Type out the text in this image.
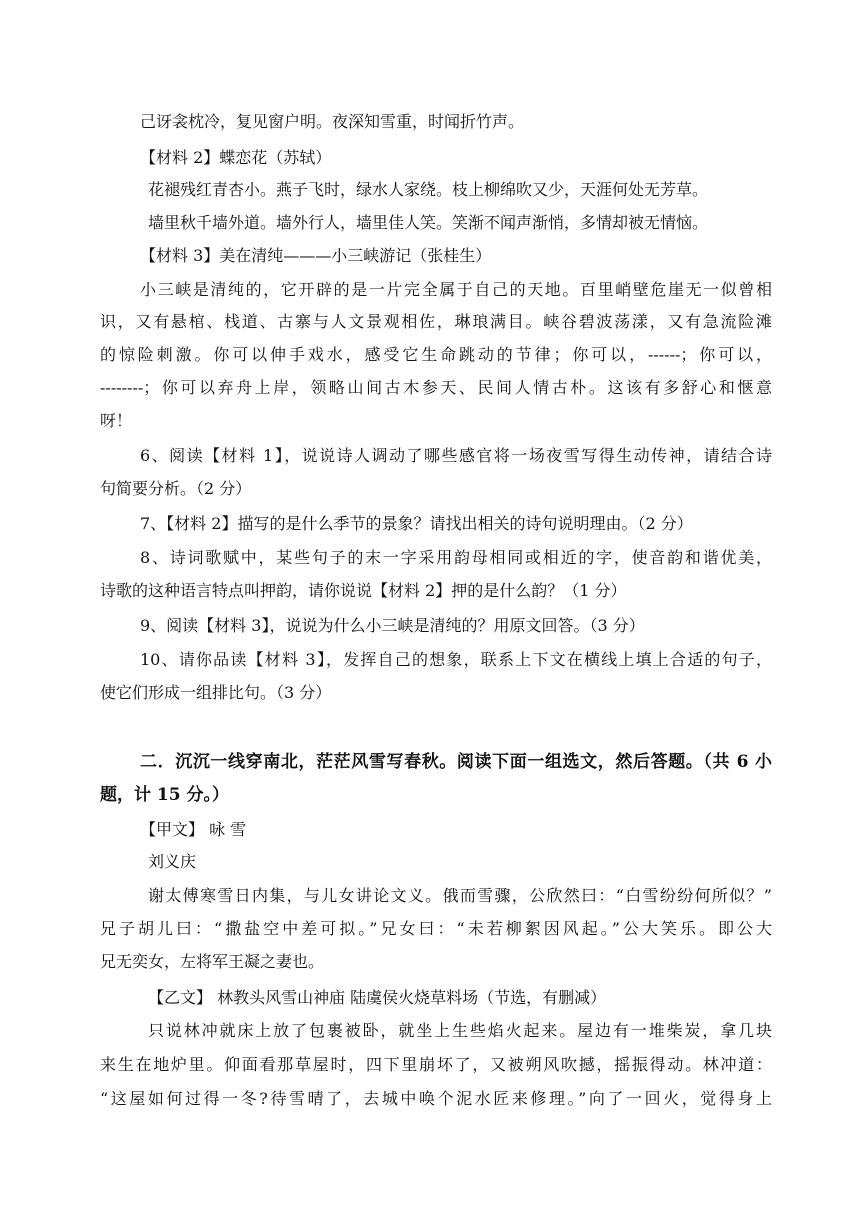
己讶衾枕冷，复见窗户明。夜深知雪重，时闻折竹声。
【材料 2】蝶恋花（苏轼）
花褪残红青杏小。燕子飞时，绿水人家绕。枝上柳绵吹又少，天涯何处无芳草。
墙里秋千墙外道。墙外行人，墙里佳人笑。笑渐不闻声渐悄，多情却被无情恼。
【材料 3】美在清纯———小三峡游记（张桂生）
小三峡是清纯的，它开辟的是一片完全属于自己的天地。百里峭壁危崖无一似曾相
识，又有悬棺、栈道、古寨与人文景观相佐，琳琅满目。峡谷碧波荡漾，又有急流险滩
的惊险刺激。你可以伸手戏水，感受它生命跳动的节律；你可以，------；你可以，
--------；你可以弃舟上岸，领略山间古木参天、民间人情古朴。这该有多舒心和惬意
呀！
6、阅读【材料 1】，说说诗人调动了哪些感官将一场夜雪写得生动传神，请结合诗
句简要分析。（2 分）
7、【材料 2】描写的是什么季节的景象？请找出相关的诗句说明理由。（2 分）
8、诗词歌赋中，某些句子的末一字采用韵母相同或相近的字，使音韵和谐优美，
诗歌的这种语言特点叫押韵，请你说说【材料 2】押的是什么韵？（1 分）
9、阅读【材料 3】，说说为什么小三峡是清纯的？用原文回答。（3 分）
10、请你品读【材料 3】，发挥自己的想象，联系上下文在横线上填上合适的句子，
使它们形成一组排比句。（3 分）
二．沉沉一线穿南北，茫茫风雪写春秋。阅读下面一组选文，然后答题。（共 6 小
题，计 15 分。）
【甲文】 咏 雪
刘义庆
谢太傅寒雪日内集，与儿女讲论文义。俄而雪骤，公欣然曰：“白雪纷纷何所似？”
兄子胡儿曰：“撒盐空中差可拟。”兄女曰：“未若柳絮因风起。”公大笑乐。即公大
兄无奕女，左将军王凝之妻也。
【乙文】 林教头风雪山神庙 陆虞侯火烧草料场（节选，有删减）
只说林冲就床上放了包裹被卧，就坐上生些焰火起来。屋边有一堆柴炭，拿几块
来生在地炉里。仰面看那草屋时，四下里崩坏了，又被朔风吹撼，摇振得动。林冲道：
“这屋如何过得一冬?待雪晴了，去城中唤个泥水匠来修理。”向了一回火，觉得身上
